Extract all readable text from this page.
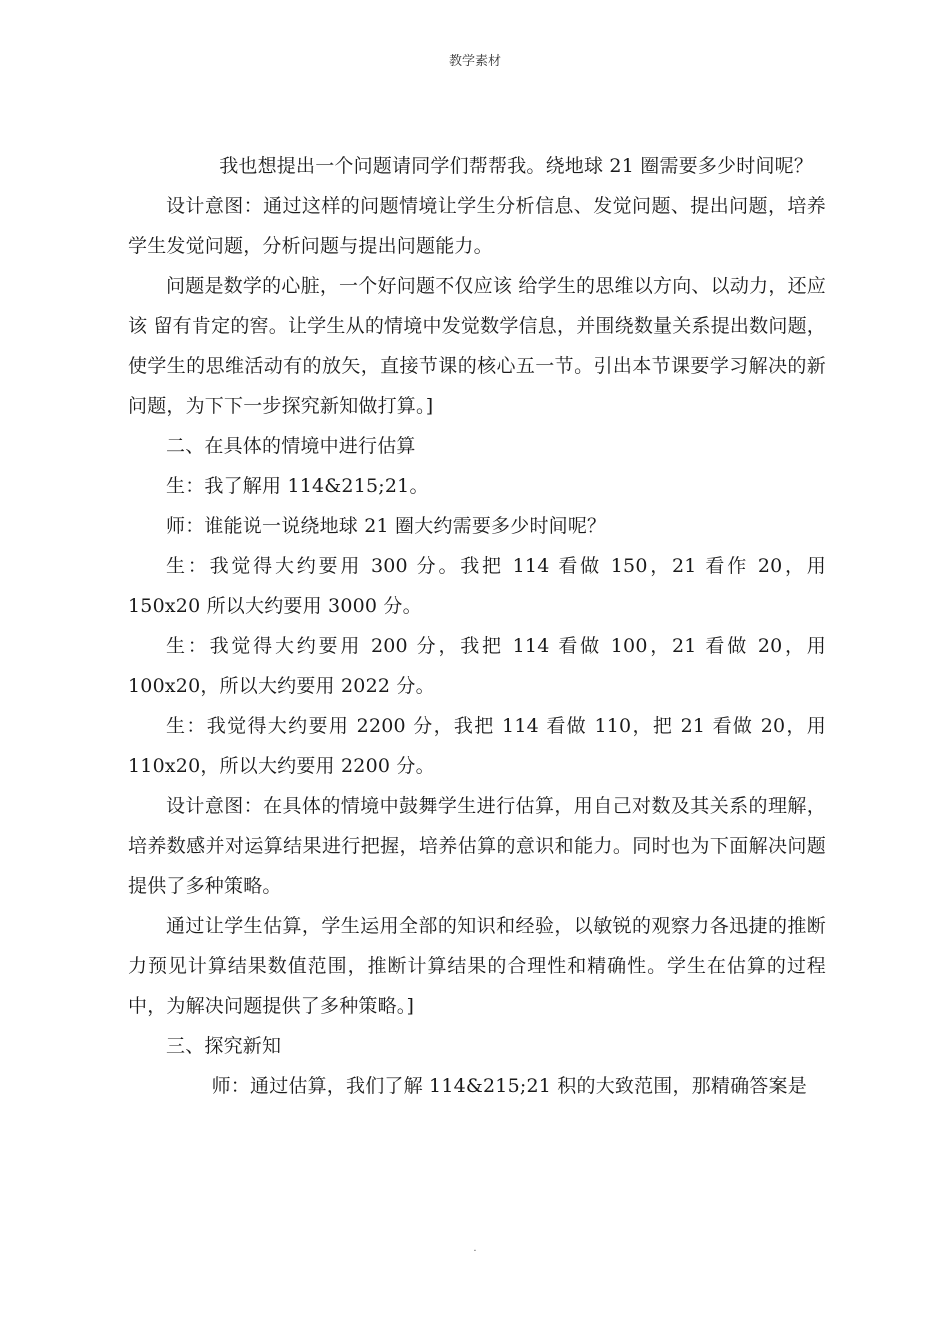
教学素材

我也想提出一个问题请同学们帮帮我。绕地球 21 圈需要多少时间呢？

设计意图：通过这样的问题情境让学生分析信息、发觉问题、提出问题，培养学生发觉问题，分析问题与提出问题能力。

问题是数学的心脏，一个好问题不仅应该 给学生的思维以方向、以动力，还应该 留有肯定的窖。让学生从的情境中发觉数学信息，并围绕数量关系提出数问题，使学生的思维活动有的放矢，直接节课的核心五一节。引出本节课要学习解决的新问题，为下下一步探究新知做打算。]

二、在具体的情境中进行估算

生：我了解用 114&215;21。

师：谁能说一说绕地球 21 圈大约需要多少时间呢？

生：我觉得大约要用 300 分。我把 114 看做 150，21 看作 20，用 150x20 所以大约要用 3000 分。

生：我觉得大约要用 200 分，我把 114 看做 100，21 看做 20，用 100x20，所以大约要用 2022 分。

生：我觉得大约要用 2200 分，我把 114 看做 110，把 21 看做 20，用 110x20，所以大约要用 2200 分。

设计意图：在具体的情境中鼓舞学生进行估算，用自己对数及其关系的理解，培养数感并对运算结果进行把握，培养估算的意识和能力。同时也为下面解决问题提供了多种策略。

通过让学生估算，学生运用全部的知识和经验，以敏锐的观察力各迅捷的推断力预见计算结果数值范围，推断计算结果的合理性和精确性。学生在估算的过程中，为解决问题提供了多种策略。]

三、探究新知

师：通过估算，我们了解 114&215;21 积的大致范围，那精确答案是

.
